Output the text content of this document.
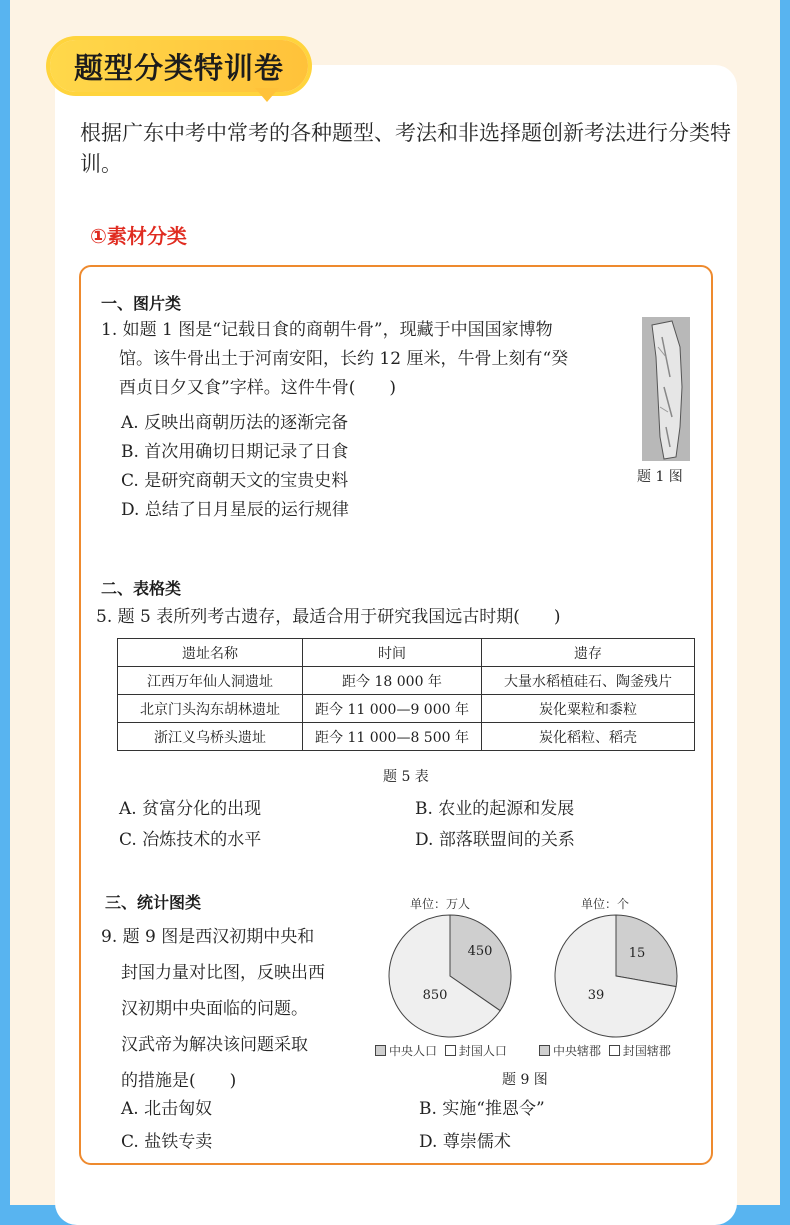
题型分类特训卷

根据广东中考中常考的各种题型、考法和非选择题创新考法进行分类特训。

①素材分类
一、图片类
1. 如题 1 图是“记载日食的商朝牛骨”，现藏于中国国家博物
馆。该牛骨出土于河南安阳，长约 12 厘米，牛骨上刻有“癸
酉贞日夕又食”字样。这件牛骨(　　)
A. 反映出商朝历法的逐渐完备
B. 首次用确切日期记录了日食
C. 是研究商朝天文的宝贵史料
D. 总结了日月星辰的运行规律
题 1 图
二、表格类
5. 题 5 表所列考古遗存，最适合用于研究我国远古时期(　　)
遗址名称	时间	遗存
江西万年仙人洞遗址	距今 18 000 年	大量水稻植硅石、陶釜残片
北京门头沟东胡林遗址	距今 11 000—9 000 年	炭化粟粒和黍粒
浙江义乌桥头遗址	距今 11 000—8 500 年	炭化稻粒、稻壳
题 5 表
A. 贫富分化的出现	B. 农业的起源和发展
C. 冶炼技术的水平	D. 部落联盟间的关系
三、统计图类
9. 题 9 图是西汉初期中央和
封国力量对比图，反映出西
汉初期中央面临的问题。
汉武帝为解决该问题采取
的措施是(　　)
单位：万人
450
850
中央人口 封国人口
单位：个
15
39
中央辖郡 封国辖郡
题 9 图
A. 北击匈奴	B. 实施“推恩令”
C. 盐铁专卖	D. 尊崇儒术
